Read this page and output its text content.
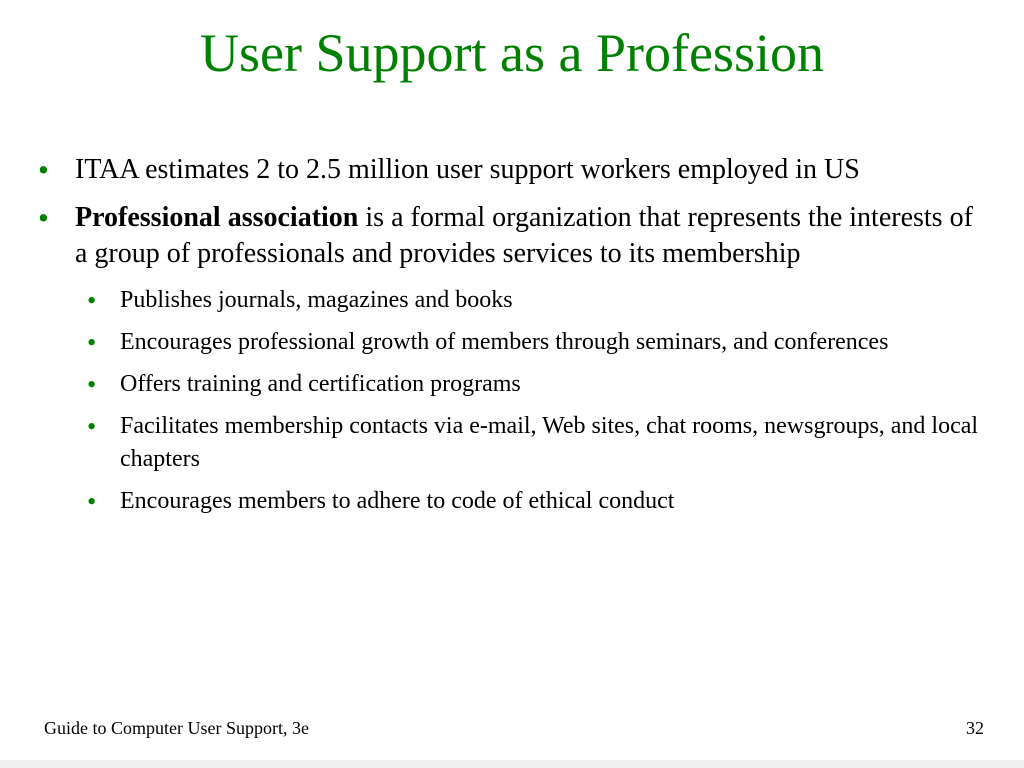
User Support as a Profession

• ITAA estimates 2 to 2.5 million user support workers employed in US

• Professional association is a formal organization that represents the interests of a group of professionals and provides services to its membership

• Publishes journals, magazines and books

• Encourages professional growth of members through seminars, and conferences

• Offers training and certification programs

• Facilitates membership contacts via e-mail, Web sites, chat rooms, newsgroups, and local chapters

• Encourages members to adhere to code of ethical conduct

Guide to Computer User Support, 3e	32
